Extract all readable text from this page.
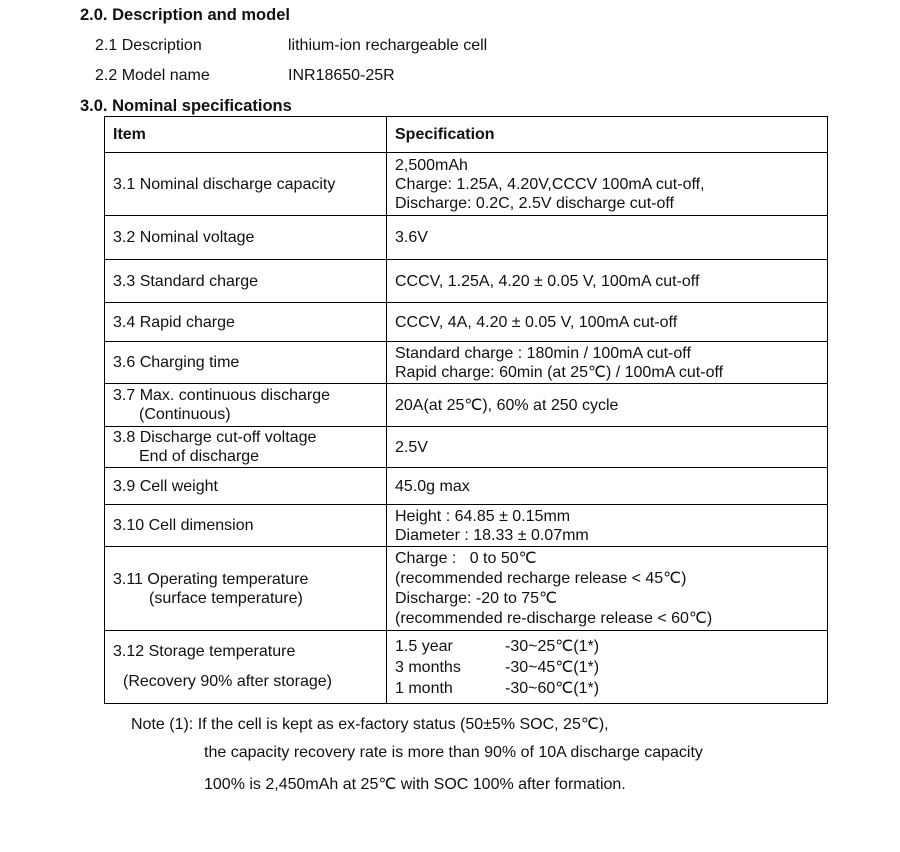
2.0. Description and model
2.1 Description	lithium-ion rechargeable cell
2.2 Model name	INR18650-25R
3.0. Nominal specifications
Item	Specification

3.1 Nominal discharge capacity	2,500mAh
Charge: 1.25A, 4.20V,CCCV 100mA cut-off,
Discharge: 0.2C, 2.5V discharge cut-off

3.2 Nominal voltage	3.6V

3.3 Standard charge	CCCV, 1.25A, 4.20 ± 0.05 V, 100mA cut-off

3.4 Rapid charge	CCCV, 4A, 4.20 ± 0.05 V, 100mA cut-off

3.6 Charging time	Standard charge : 180min / 100mA cut-off
Rapid charge: 60min (at 25℃) / 100mA cut-off

3.7 Max. continuous discharge
(Continuous)	20A(at 25℃), 60% at 250 cycle

3.8 Discharge cut-off voltage
End of discharge	2.5V

3.9 Cell weight	45.0g max

3.10 Cell dimension	Height : 64.85 ± 0.15mm
Diameter : 18.33 ± 0.07mm

3.11 Operating temperature
(surface temperature)	Charge :   0 to 50℃
(recommended recharge release < 45℃)
Discharge: -20 to 75℃
(recommended re-discharge release < 60℃)

3.12 Storage temperature
(Recovery 90% after storage)	1.5 year -30~25℃(1*)
3 months -30~45℃(1*)
1 month -30~60℃(1*)
Note (1): If the cell is kept as ex-factory status (50±5% SOC, 25℃),
the capacity recovery rate is more than 90% of 10A discharge capacity
100% is 2,450mAh at 25℃ with SOC 100% after formation.
